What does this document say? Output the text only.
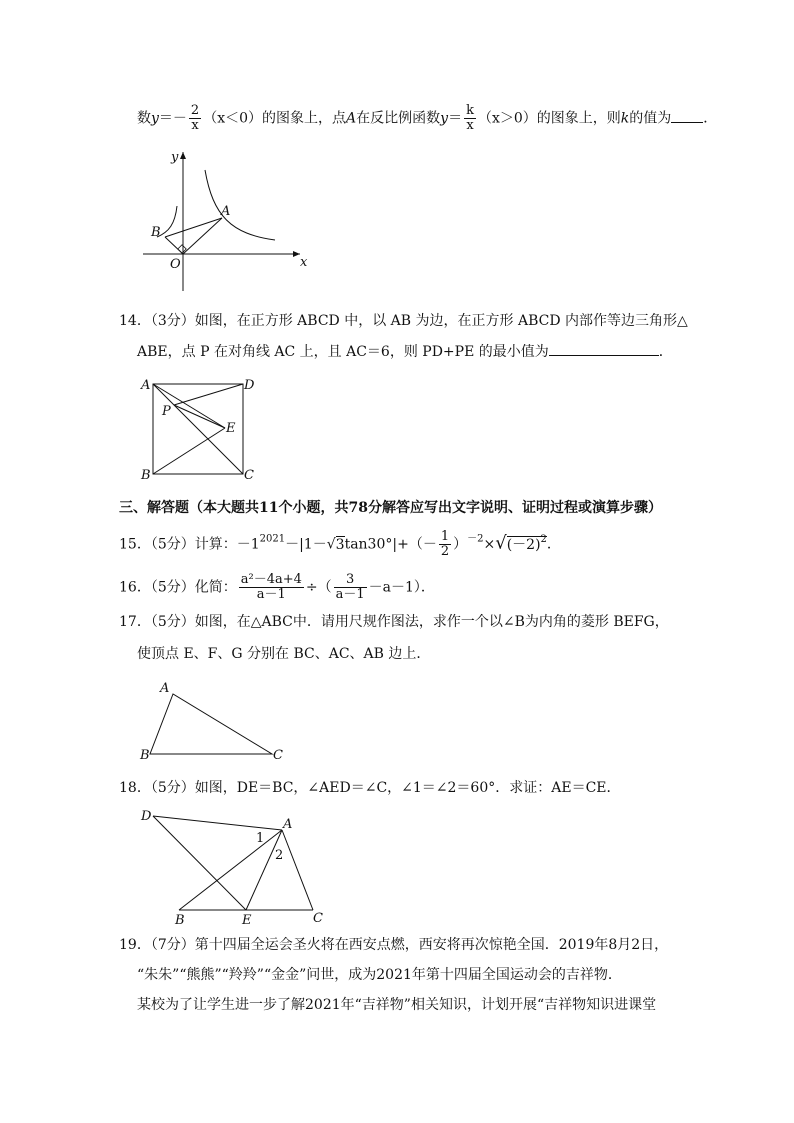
数$y=- \frac{2}{x} (x<0)$的图象上，点A在反比例函数$y= \frac{k}{x} (x>0)$的图象上，则k的值为 ．
y
x
A
B
O
14．（3分）如图，在正方形 ABCD 中，以 AB 为边，在正方形 ABCD 内部作等边三角形△
ABE，点 P 在对角线 AC 上，且 AC＝6，则 PD+PE 的最小值为	．
A	D
P
E
B	C
三、解答题（本大题共11个小题，共78分解答应写出文字说明、证明过程或演算步骤）
15．（5分）计算：$-1^{2021}-|1-√3\tan 30^\circ|+(- \frac{1}{2} )^{-2}\times√(-2)^2$．
16．（5分）化简： $\frac{\text{a²－4a+4}}{a-1}$ ÷（ $\frac{3}{a-1} -a-1$）．
17．（5分）如图，在△ABC中．请用尺规作图法，求作一个以∠B为内角的菱形 BEFG，
使顶点 E、F、G 分别在 BC、AC、AB 边上．
A
B	C
18．（5分）如图，DE＝BC，∠AED＝∠C，∠1＝∠2＝60°．求证：AE＝CE．
D
A
1
2
B	E	C
19．（7分）第十四届全运会圣火将在西安点燃，西安将再次惊艳全国．2019年8月2日，
“朱朱”“熊熊”“羚羚”“金金”问世，成为2021年第十四届全国运动会的吉祥物．
某校为了让学生进一步了解2021年“吉祥物”相关知识，计划开展“吉祥物知识进课堂
